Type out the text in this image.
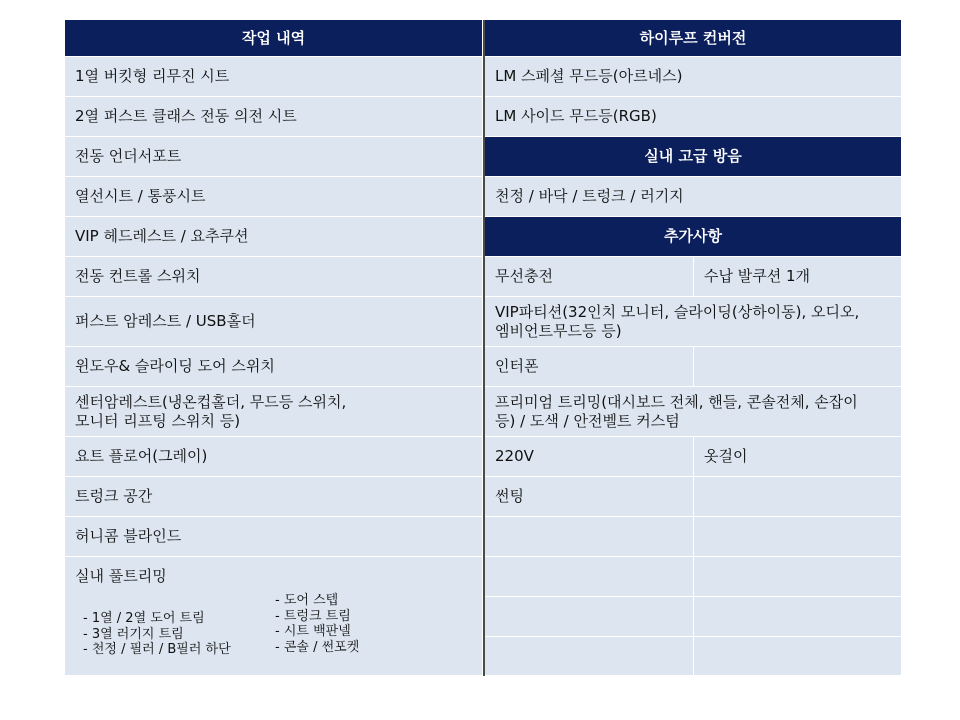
작업 내역
1열 버킷형 리무진 시트
2열 퍼스트 클래스 전동 의전 시트
전동 언더서포트
열선시트 / 통풍시트
VIP 헤드레스트 / 요추쿠션
전동 컨트롤 스위치
퍼스트 암레스트 / USB홀더
윈도우& 슬라이딩 도어 스위치
센터암레스트(냉온컵홀더, 무드등 스위치,
모니터 리프팅 스위치 등)
요트 플로어(그레이)
트렁크 공간
허니콤 블라인드
실내 풀트리밍
- 1열 / 2열 도어 트림
- 3열 러기지 트림
- 천정 / 필러 / B필러 하단
- 도어 스텝
- 트렁크 트림
- 시트 백판넬
- 콘솔 / 썬포켓
하이루프 컨버전
LM 스페셜 무드등(아르네스)
LM 사이드 무드등(RGB)
실내 고급 방음
천정 / 바닥 / 트렁크 / 러기지
추가사항
무선충전	수납 발쿠션 1개
VIP파티션(32인치 모니터, 슬라이딩(상하이동), 오디오,
엠비언트무드등 등)
인터폰
프리미엄 트리밍(대시보드 전체, 핸들, 콘솔전체, 손잡이
등) / 도색 / 안전벨트 커스텀
220V	옷걸이
썬팅
